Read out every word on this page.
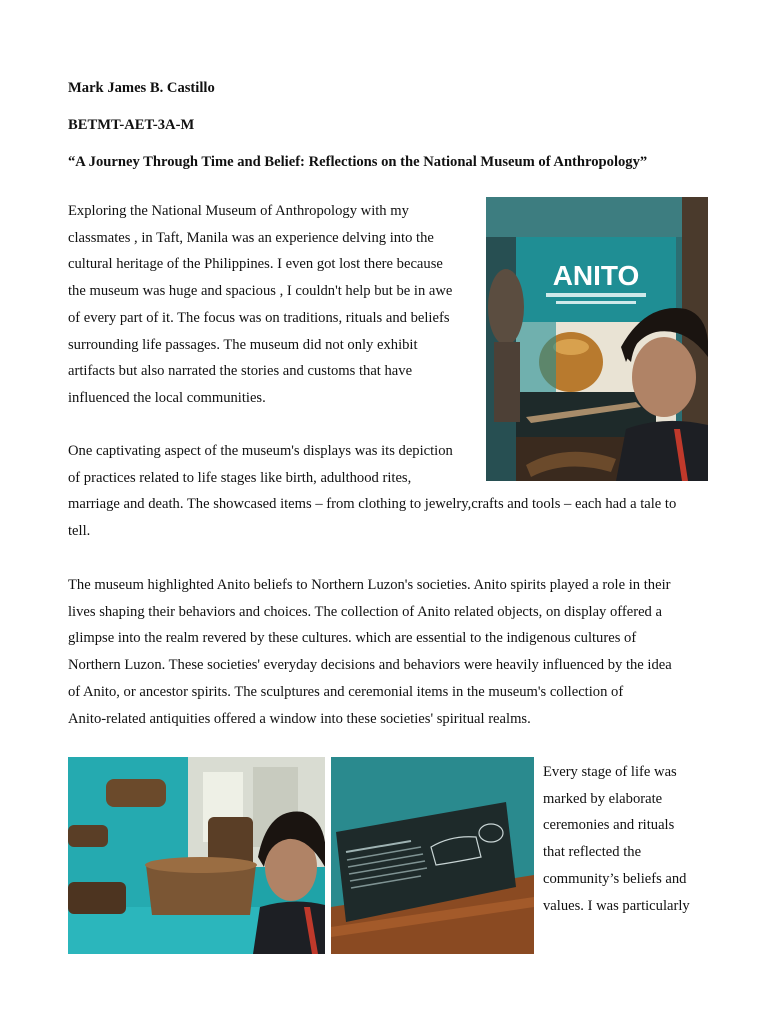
Mark James B. Castillo
BETMT-AET-3A-M
“A Journey Through Time and Belief: Reflections on the National Museum of Anthropology”
Exploring the National Museum of Anthropology with my
classmates , in Taft, Manila was an experience delving into the
cultural heritage of the Philippines. I even got lost there because
the museum was huge and spacious , I couldn't help but be in awe
of every part of it. The focus was on traditions, rituals and beliefs
surrounding life passages. The museum did not only exhibit
artifacts but also narrated the stories and customs that have
influenced the local communities.
One captivating aspect of the museum's displays was its depiction
of practices related to life stages like birth, adulthood rites,
marriage and death. The showcased items – from clothing to jewelry,crafts and tools – each had a tale to
tell.
The museum highlighted Anito beliefs to Northern Luzon's societies. Anito spirits played a role in their
lives shaping their behaviors and choices. The collection of Anito related objects, on display offered a
glimpse into the realm revered by these cultures. which are essential to the indigenous cultures of
Northern Luzon. These societies' everyday decisions and behaviors were heavily influenced by the idea
of Anito, or ancestor spirits. The sculptures and ceremonial items in the museum's collection of
Anito-related antiquities offered a window into these societies' spiritual realms.
Every stage of life was
marked by elaborate
ceremonies and rituals
that reflected the
community’s beliefs and
values. I was particularly
ANITO
